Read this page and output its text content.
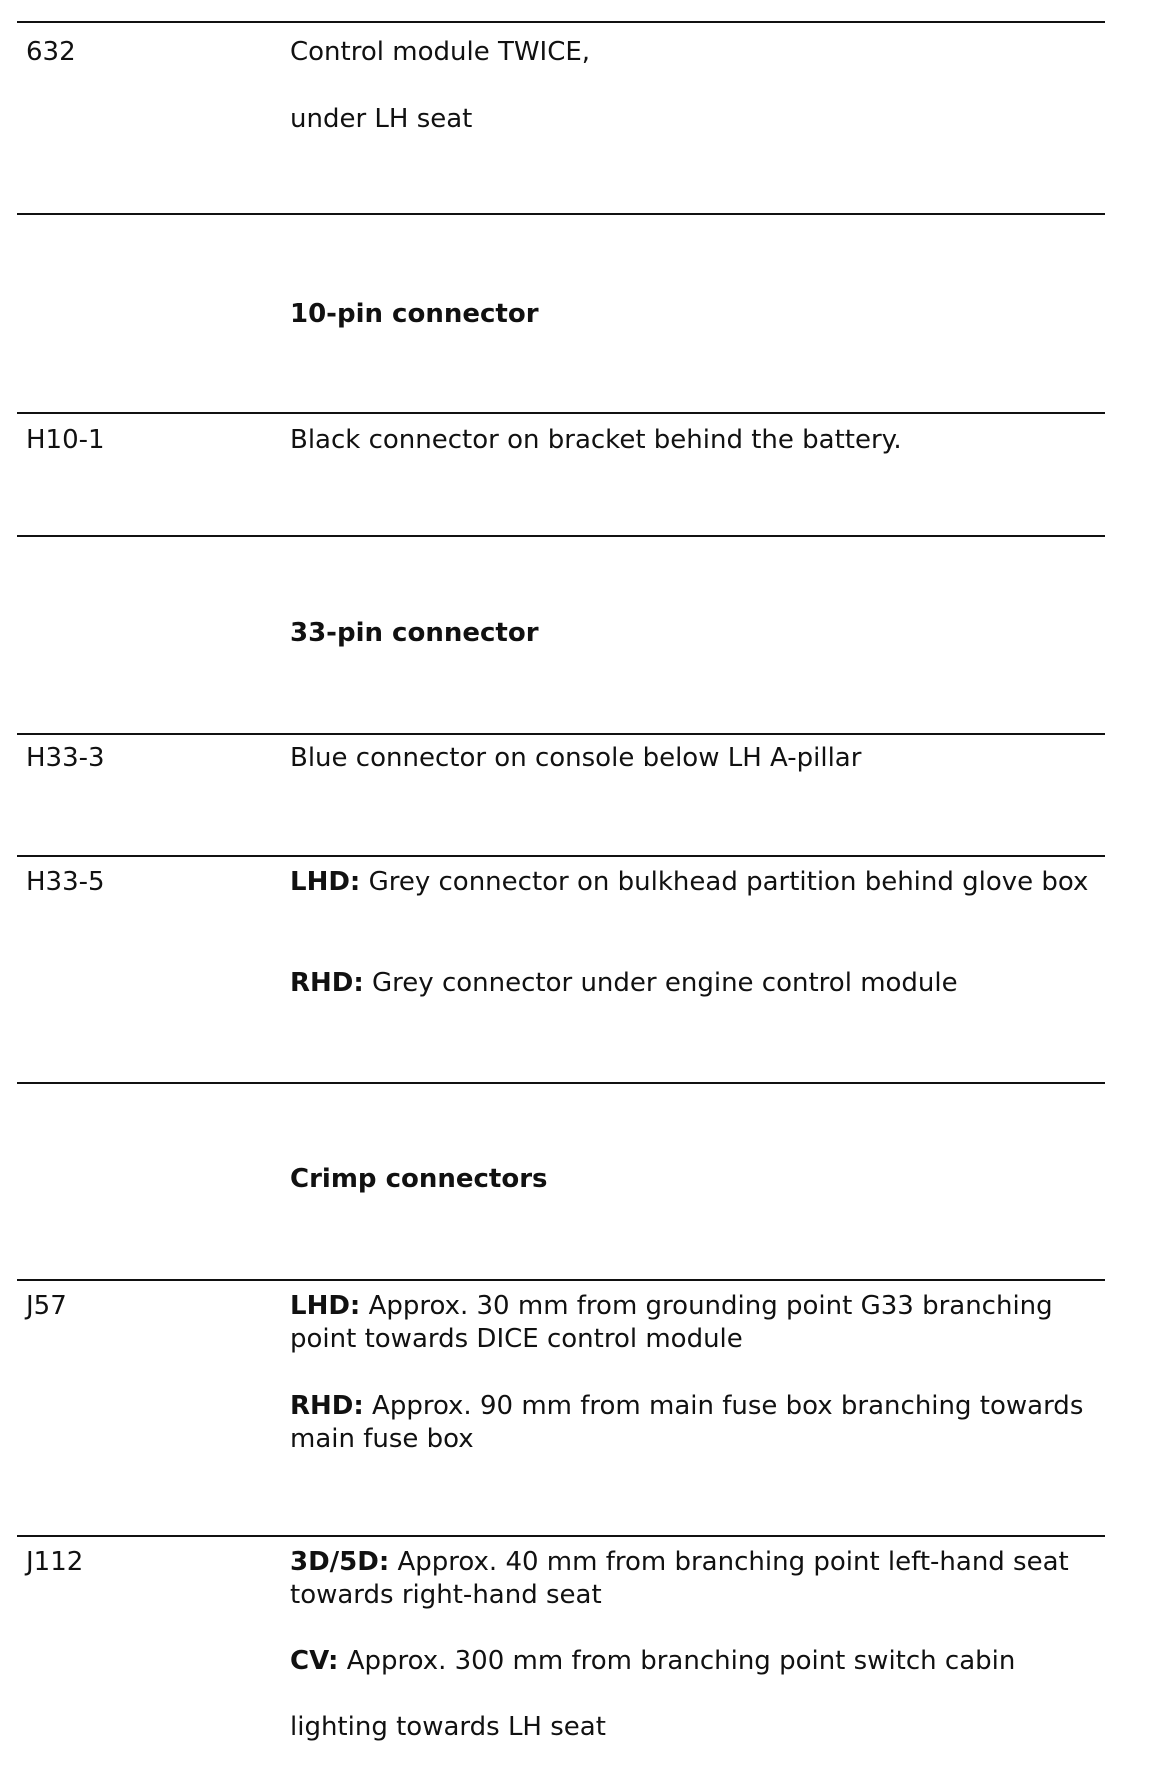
632	Control module TWICE,
under LH seat
10-pin connector
H10-1	Black connector on bracket behind the battery.
33-pin connector
H33-3	Blue connector on console below LH A-pillar
H33-5	LHD: Grey connector on bulkhead partition behind glove box
RHD: Grey connector under engine control module
Crimp connectors
J57	LHD: Approx. 30 mm from grounding point G33 branching point towards DICE control module
RHD: Approx. 90 mm from main fuse box branching towards main fuse box
J112	3D/5D: Approx. 40 mm from branching point left-hand seat towards right-hand seat
CV: Approx. 300 mm from branching point switch cabin
lighting towards LH seat
